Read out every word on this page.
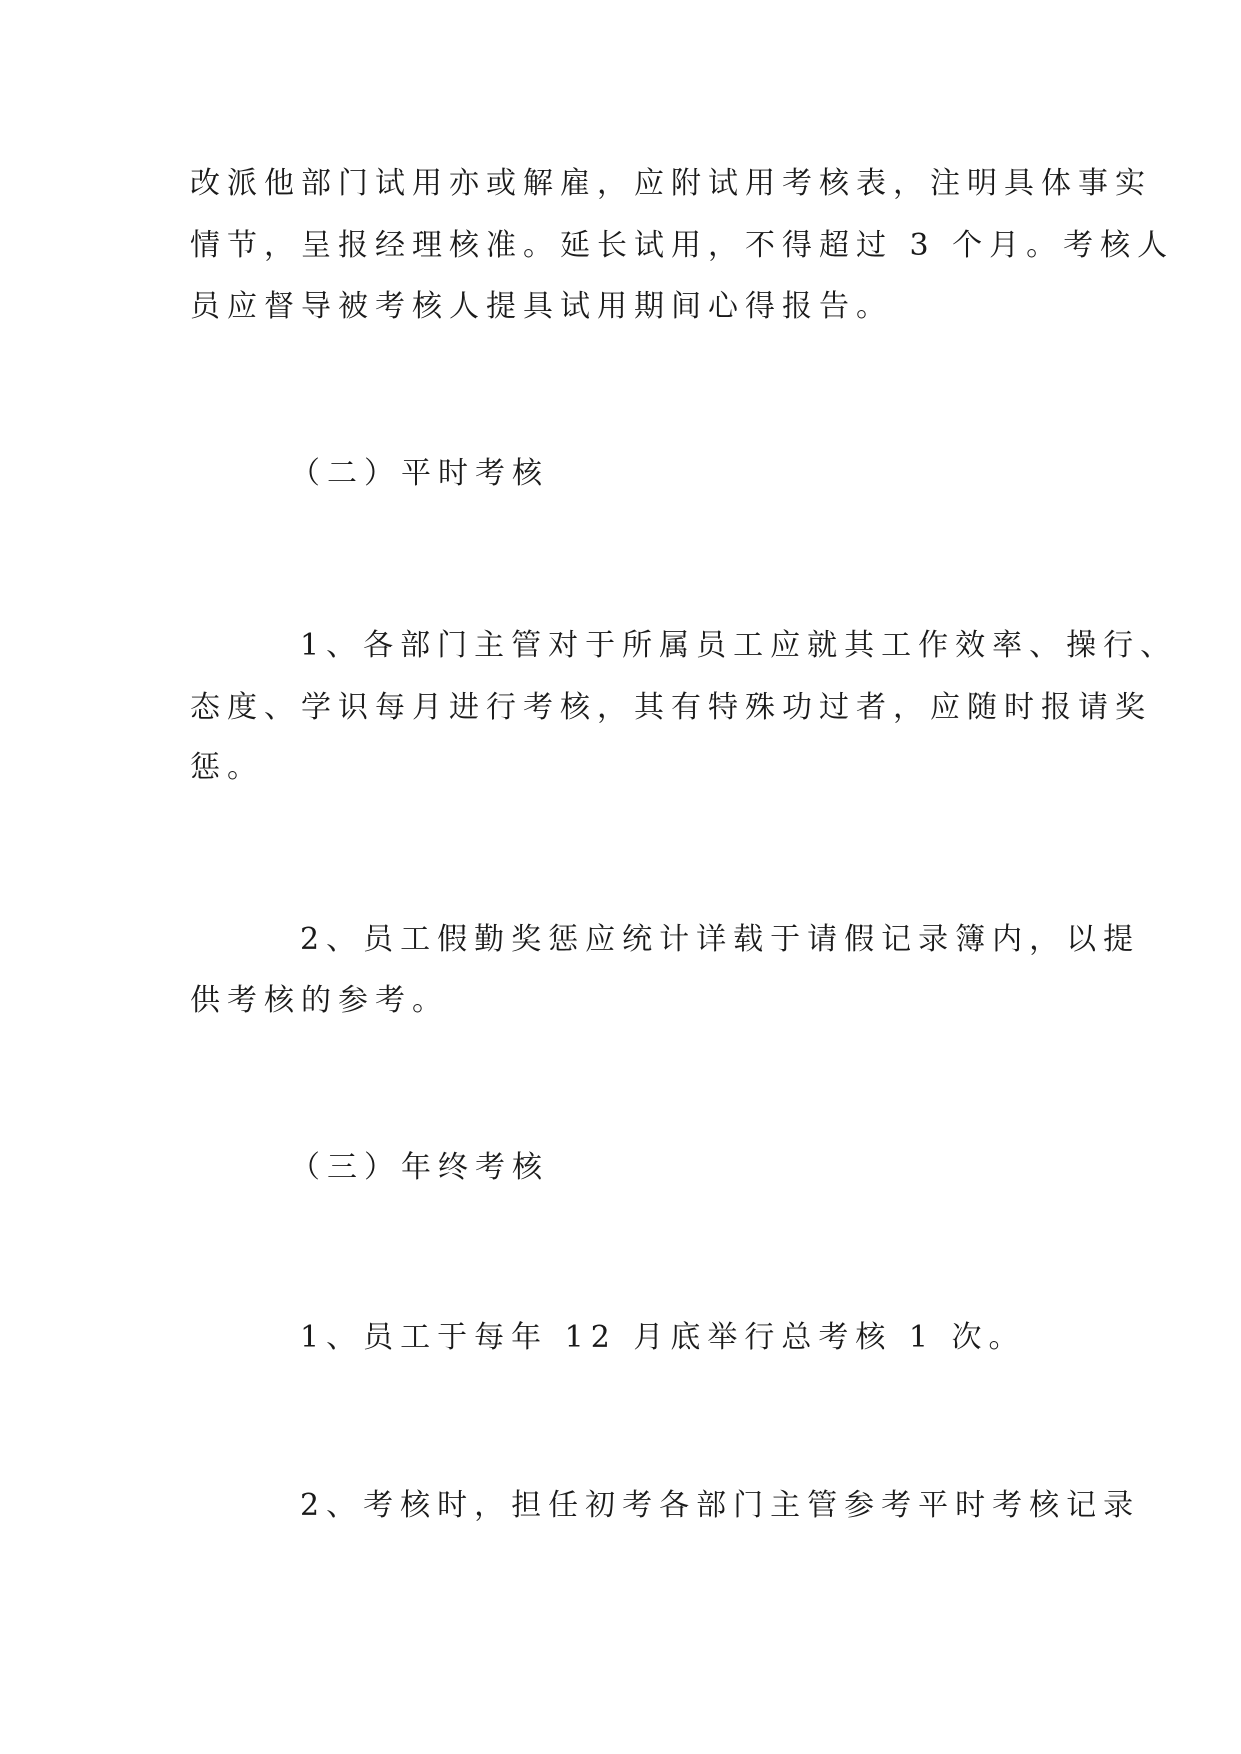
改派他部门试用亦或解雇，应附试用考核表，注明具体事实
情节，呈报经理核准。延长试用，不得超过 3 个月。考核人
员应督导被考核人提具试用期间心得报告。
（二）平时考核
1、各部门主管对于所属员工应就其工作效率、操行、
态度、学识每月进行考核，其有特殊功过者，应随时报请奖
惩。
2、员工假勤奖惩应统计详载于请假记录簿内，以提
供考核的参考。
（三）年终考核
1、员工于每年 12 月底举行总考核 1 次。
2、考核时，担任初考各部门主管参考平时考核记录
